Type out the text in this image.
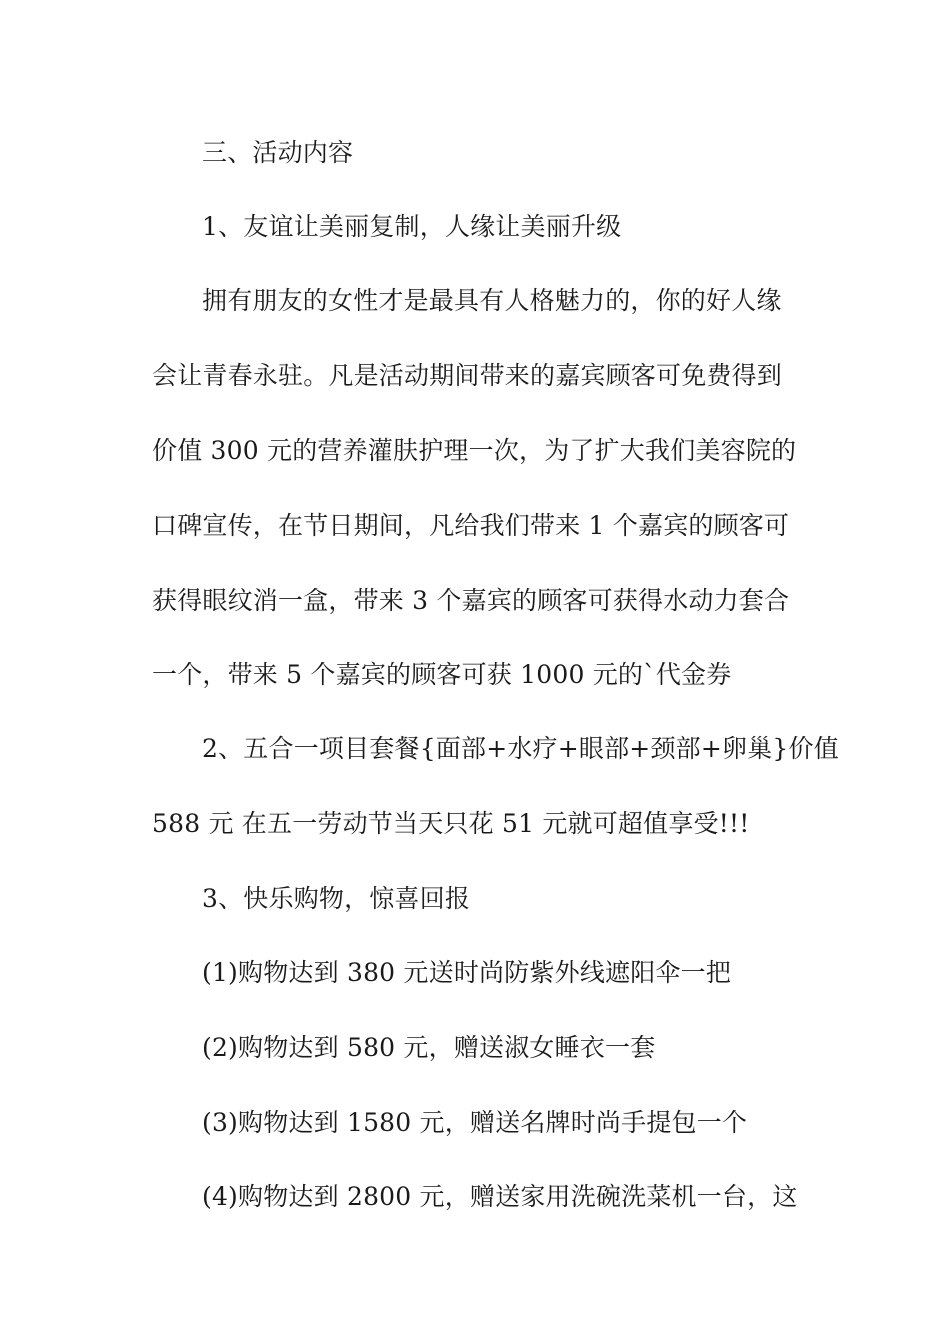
三、活动内容
1、友谊让美丽复制，人缘让美丽升级
拥有朋友的女性才是最具有人格魅力的，你的好人缘
会让青春永驻。凡是活动期间带来的嘉宾顾客可免费得到
价值 300 元的营养灌肤护理一次，为了扩大我们美容院的
口碑宣传，在节日期间，凡给我们带来 1 个嘉宾的顾客可
获得眼纹消一盒，带来 3 个嘉宾的顾客可获得水动力套合
一个，带来 5 个嘉宾的顾客可获 1000 元的`代金券
2、五合一项目套餐{面部+水疗+眼部+颈部+卵巢}价值
588 元 在五一劳动节当天只花 51 元就可超值享受!!!
3、快乐购物，惊喜回报
(1)购物达到 380 元送时尚防紫外线遮阳伞一把
(2)购物达到 580 元，赠送淑女睡衣一套
(3)购物达到 1580 元，赠送名牌时尚手提包一个
(4)购物达到 2800 元，赠送家用洗碗洗菜机一台，这
